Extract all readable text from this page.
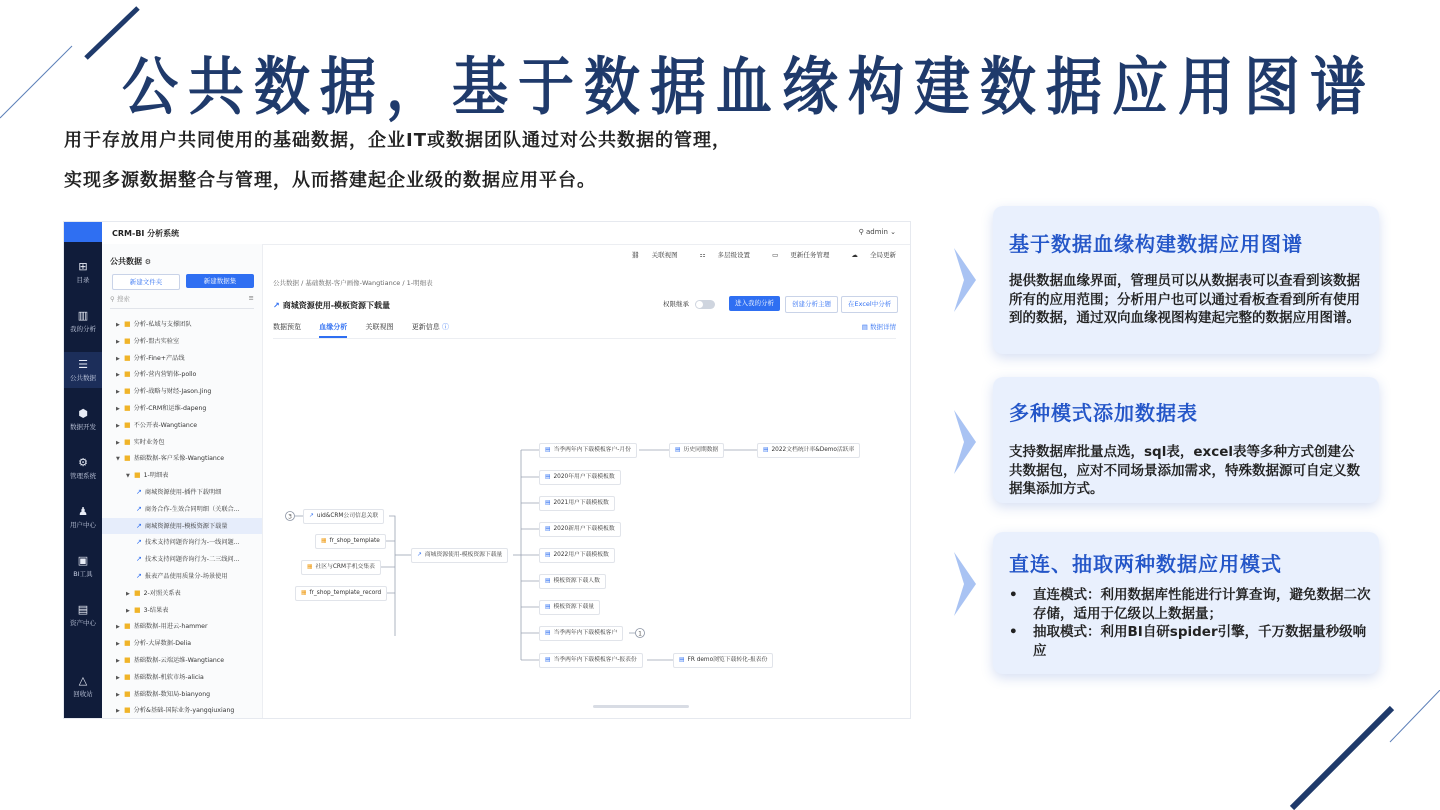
公共数据，基于数据血缘构建数据应用图谱
用于存放用户共同使用的基础数据，企业IT或数据团队通过对公共数据的管理，
实现多源数据整合与管理，从而搭建起企业级的数据应用平台。
⊞
目录
▥
我的分析
☰
公共数据
⬢
数据开发
⚙
管理系统
♟
用户中心
▣
BI工具
▤
资产中心
△
回收站
CRM-BI 分析系统	⚲ admin ⌄
公共数据 ⚙
新建文件夹	新建数据集
⚲ 搜索	≡
▶ ■ 分析-私域与支撑团队
▶ ■ 分析-盟古实验室
▶ ■ 分析-Fine+产品线
▶ ■ 分析-营内营销体-pollo
▶ ■ 分析-战略与财经-Jason.Jing
▶ ■ 分析-CRM和运维-dapeng
▶ ■ 不公开表-Wangtiance
▶ ■ 实时业务包
▼ ■ 基础数据-客户采像-Wangtiance
▼ ■ 1-明细表
↗ 商城资源使用-插件下载明细
↗ 商务合作-生效合同明细（关联合...
↗ 商城资源使用-模板资源下载量
↗ 技术支持问题咨询行为-一线问题...
↗ 技术支持问题咨询行为-二三线问...
↗ 报表产品使用质量分-场景使用
▶ ■ 2-对照关系表
▶ ■ 3-结果表
▶ ■ 基础数据-用进云-hammer
▶ ■ 分析-大屏数据-Delia
▶ ■ 基础数据-云端运维-Wangtiance
▶ ■ 基础数据-机软市场-alicia
▶ ■ 基础数据-数知局-bianyong
▶ ■ 分析&基础-国际业务-yangqiuxiang
⛓ 关联视图	⚏ 多层级设置	▭ 更新任务管理	☁ 全局更新
公共数据 / 基础数据-客户画像-Wangtiance / 1-明细表
↗ 商城资源使用-模板资源下载量	权限继承	进入我的分析	创建分析主题	在Excel中分析
数据预览	血缘分析	关联视图	更新信息 ⓘ	▤ 数据详情
3
1
↗ uid&CRM公司信息关联
▦ fr_shop_template
▦ 社区与CRM手机交集表
▦ fr_shop_template_record
↗ 商城资源使用-模板资源下载量
▤ 当季两年内下载模板客户-月份
▤ 2020年用户下载模板数
▤ 2021用户下载模板数
▤ 2020新用户下载模板数
▤ 2022用户下载模板数
▤ 模板资源下载人数
▤ 模板资源下载量
▤ 当季两年内下载模板客户
▤ 当季两年内下载模板客户-报表份
▤ 历史同期数据	▤ 2022文档统计率&Demo活跃率
▤ FR demo浏览下载转化-报表份
基于数据血缘构建数据应用图谱

提供数据血缘界面，管理员可以从数据表可以查看到该数据所有的应用范围；分析用户也可以通过看板查看到所有使用到的数据，通过双向血缘视图构建起完整的数据应用图谱。

多种模式添加数据表

支持数据库批量点选，sql表，excel表等多种方式创建公共数据包，应对不同场景添加需求，特殊数据源可自定义数据集添加方式。

直连、抽取两种数据应用模式
• 直连模式：利用数据库性能进行计算查询，避免数据二次存储，适用于亿级以上数据量；
• 抽取模式：利用BI自研spider引擎，千万数据量秒级响应
